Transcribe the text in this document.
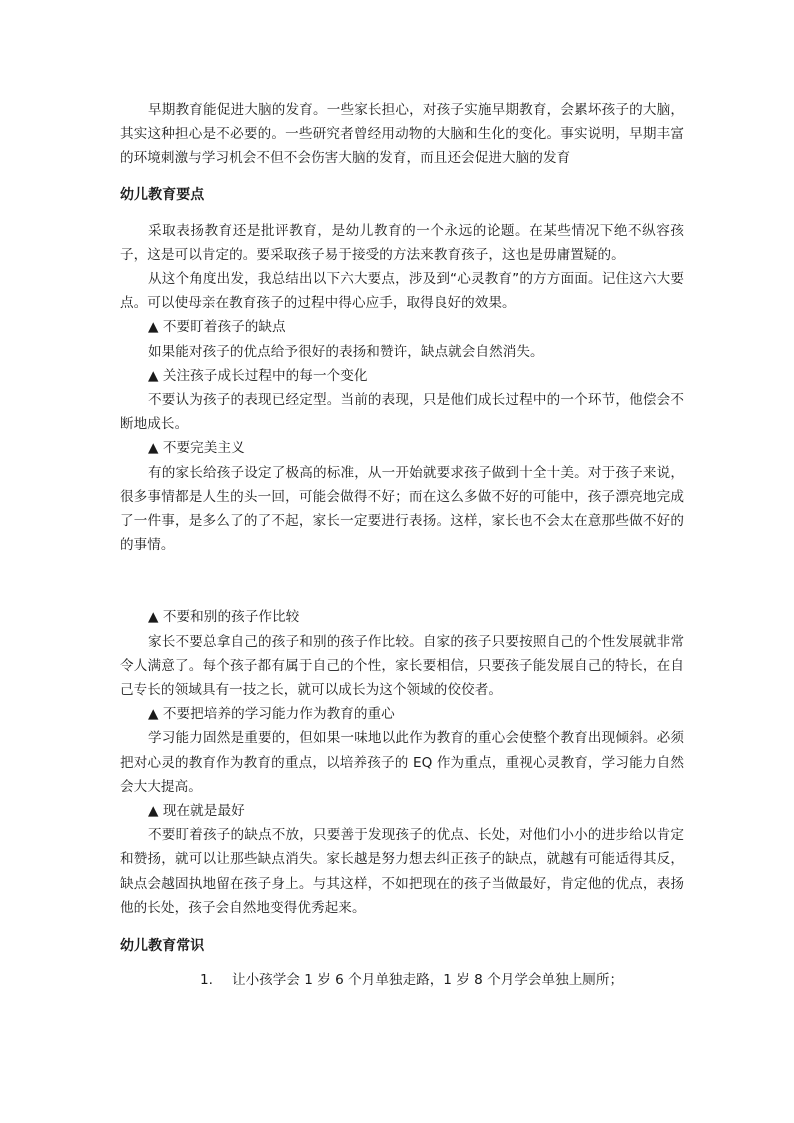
早期教育能促进大脑的发育。一些家长担心，对孩子实施早期教育，会累坏孩子的大脑，其实这种担心是不必要的。一些研究者曾经用动物的大脑和生化的变化。事实说明，早期丰富的环境刺激与学习机会不但不会伤害大脑的发育，而且还会促进大脑的发育

幼儿教育要点

采取表扬教育还是批评教育，是幼儿教育的一个永远的论题。在某些情况下绝不纵容孩子，这是可以肯定的。要采取孩子易于接受的方法来教育孩子，这也是毋庸置疑的。

从这个角度出发，我总结出以下六大要点，涉及到“心灵教育”的方方面面。记住这六大要点。可以使母亲在教育孩子的过程中得心应手，取得良好的效果。

▲ 不要盯着孩子的缺点

如果能对孩子的优点给予很好的表扬和赞许，缺点就会自然消失。

▲ 关注孩子成长过程中的每一个变化

不要认为孩子的表现已经定型。当前的表现，只是他们成长过程中的一个环节，他偿会不断地成长。

▲ 不要完美主义

有的家长给孩子设定了极高的标准，从一开始就要求孩子做到十全十美。对于孩子来说，很多事情都是人生的头一回，可能会做得不好；而在这么多做不好的可能中，孩子漂亮地完成了一件事，是多么了的了不起，家长一定要进行表扬。这样，家长也不会太在意那些做不好的的事情。

▲ 不要和别的孩子作比较

家长不要总拿自己的孩子和别的孩子作比较。自家的孩子只要按照自己的个性发展就非常令人满意了。每个孩子都有属于自己的个性，家长要相信，只要孩子能发展自己的特长，在自己专长的领域具有一技之长，就可以成长为这个领域的佼佼者。

▲ 不要把培养的学习能力作为教育的重心

学习能力固然是重要的，但如果一味地以此作为教育的重心会使整个教育出现倾斜。必须把对心灵的教育作为教育的重点，以培养孩子的 EQ 作为重点，重视心灵教育，学习能力自然会大大提高。

▲ 现在就是最好

不要盯着孩子的缺点不放，只要善于发现孩子的优点、长处，对他们小小的进步给以肯定和赞扬，就可以让那些缺点消失。家长越是努力想去纠正孩子的缺点，就越有可能适得其反，缺点会越固执地留在孩子身上。与其这样，不如把现在的孩子当做最好，肯定他的优点，表扬他的长处，孩子会自然地变得优秀起来。

幼儿教育常识

1. 让小孩学会 1 岁 6 个月单独走路，1 岁 8 个月学会单独上厕所；
